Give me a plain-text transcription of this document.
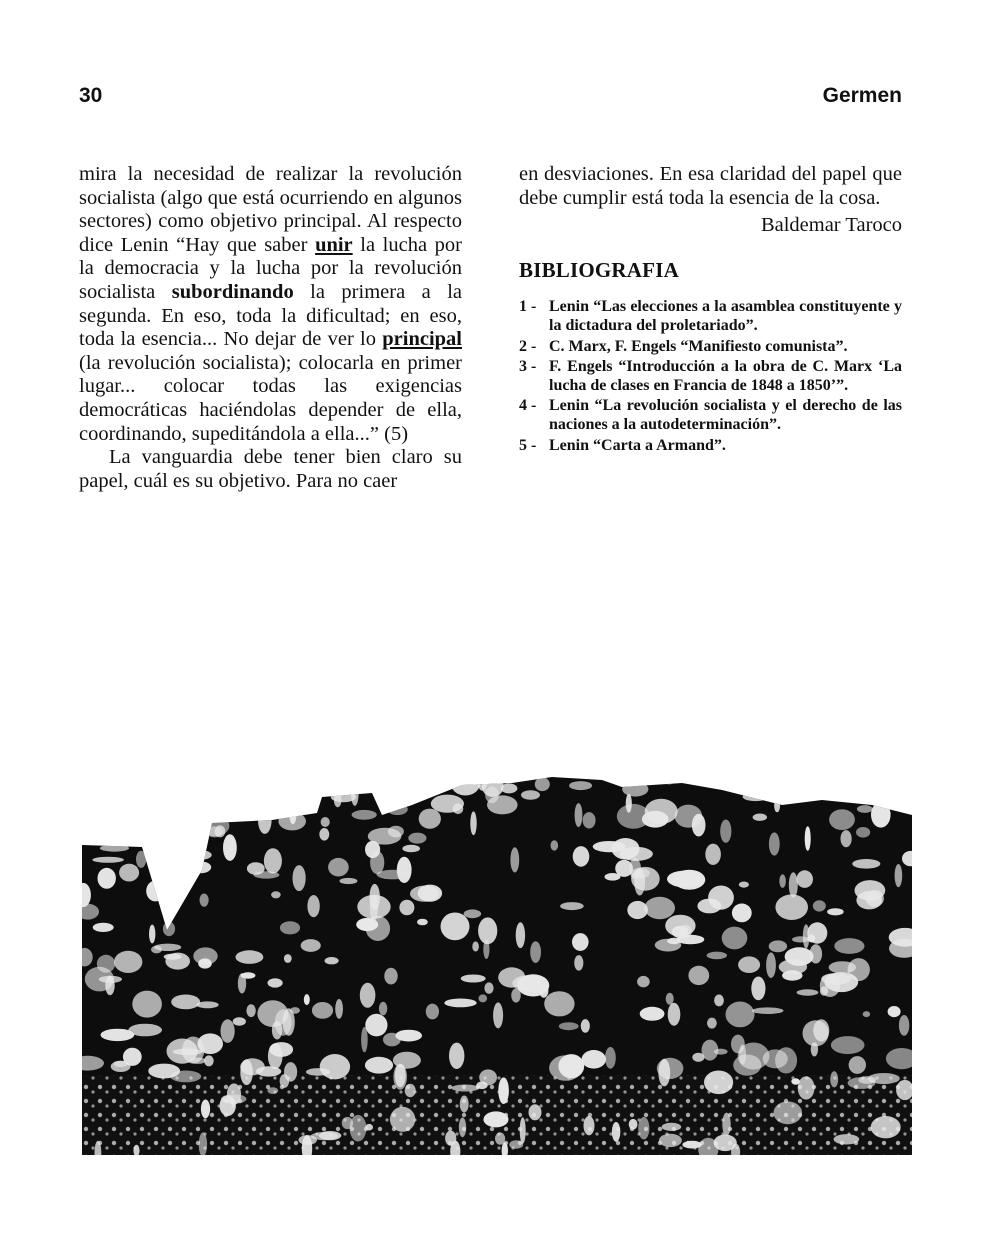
30	Germen

mira la necesidad de realizar la revolución socialista (algo que está ocurriendo en algunos sectores) como objetivo principal. Al respecto dice Lenin “Hay que saber unir la lucha por la democracia y la lucha por la revolución socialista subordinando la primera a la segunda. En eso, toda la dificultad; en eso, toda la esencia... No dejar de ver lo principal (la revolución socialista); colocarla en primer lugar... colocar todas las exigencias democráticas haciéndolas depender de ella, coordinando, supeditándola a ella...” (5)

La vanguardia debe tener bien claro su papel, cuál es su objetivo. Para no caer

en desviaciones. En esa claridad del papel que debe cumplir está toda la esencia de la cosa.

Baldemar Taroco
BIBLIOGRAFIA
1 - Lenin “Las elecciones a la asamblea constituyente y la dictadura del proletariado”.
2 - C. Marx, F. Engels “Manifiesto comunista”.
3 - F. Engels “Introducción a la obra de C. Marx ‘La lucha de clases en Francia de 1848 a 1850’”.
4 - Lenin “La revolución socialista y el derecho de las naciones a la autodeterminación”.
5 - Lenin “Carta a Armand”.
